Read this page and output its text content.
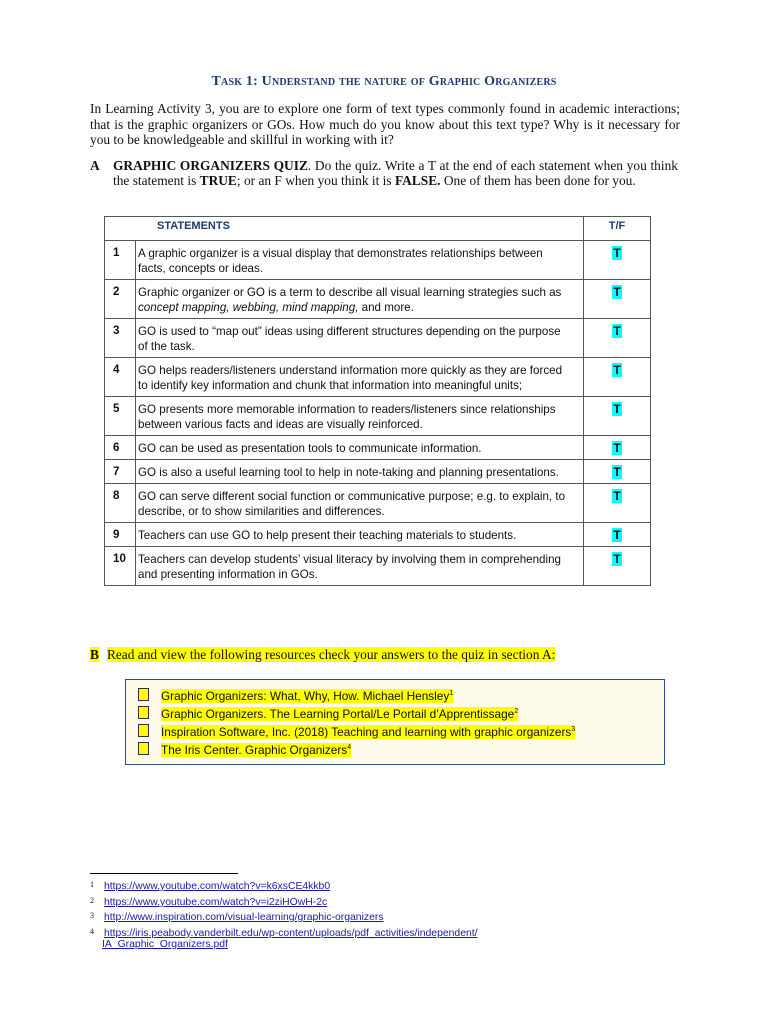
Task 1: Understand the nature of Graphic Organizers
In Learning Activity 3, you are to explore one form of text types commonly found in academic interactions; that is the graphic organizers or GOs. How much do you know about this text type? Why is it necessary for you to be knowledgeable and skillful in working with it?
A GRAPHIC ORGANIZERS QUIZ. Do the quiz. Write a T at the end of each statement when you think the statement is TRUE; or an F when you think it is FALSE. One of them has been done for you.
STATEMENTS		T/F
1	A graphic organizer is a visual display that demonstrates relationships between facts, concepts or ideas.	T
2	Graphic organizer or GO is a term to describe all visual learning strategies such as concept mapping, webbing, mind mapping, and more.	T
3	GO is used to “map out” ideas using different structures depending on the purpose of the task.	T
4	GO helps readers/listeners understand information more quickly as they are forced to identify key information and chunk that information into meaningful units;	T
5	GO presents more memorable information to readers/listeners since relationships between various facts and ideas are visually reinforced.	T
6	GO can be used as presentation tools to communicate information.	T
7	GO is also a useful learning tool to help in note-taking and planning presentations.	T
8	GO can serve different social function or communicative purpose; e.g. to explain, to describe, or to show similarities and differences.	T
9	Teachers can use GO to help present their teaching materials to students.	T
10	Teachers can develop students’ visual literacy by involving them in comprehending and presenting information in GOs.	T
B Read and view the following resources check your answers to the quiz in section A:
Graphic Organizers: What, Why, How. Michael Hensley$^1$
Graphic Organizers. The Learning Portal/Le Portail d’Apprentissage$^2$
Inspiration Software, Inc. (2018) Teaching and learning with graphic organizers$^3$
The Iris Center. Graphic Organizers$^4$
1 https://www.youtube.com/watch?v=k6xsCE4kkb0
2 https://www.youtube.com/watch?v=i2ziHOwH-2c
3 http://www.inspiration.com/visual-learning/graphic-organizers
4 https://iris.peabody.vanderbilt.edu/wp-content/uploads/pdf_activities/independent/
IA_Graphic_Organizers.pdf
